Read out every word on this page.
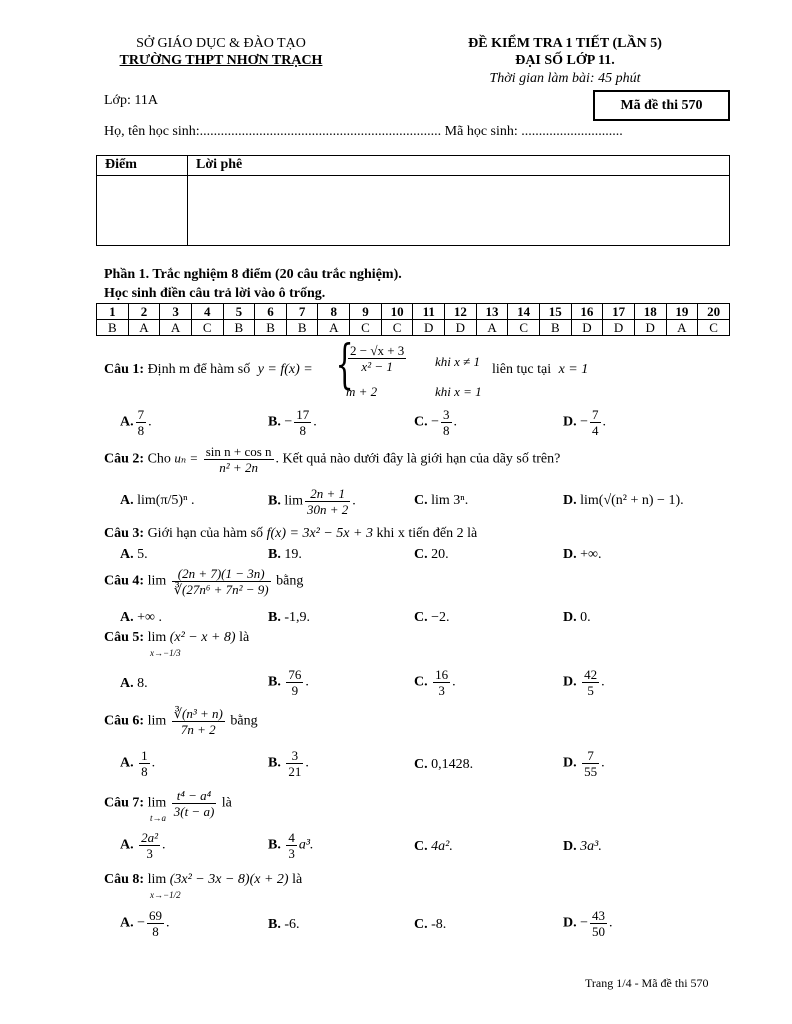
SỞ GIÁO DỤC & ĐÀO TẠO
TRƯỜNG THPT NHƠN TRẠCH
ĐỀ KIỂM TRA 1 TIẾT (LẦN 5)
ĐẠI SỐ LỚP 11.
Thời gian làm bài: 45 phút
Lớp: 11A	Mã đề thi 570
Họ, tên học sinh:..................................................................... Mã học sinh: .............................
Điểm	Lời phê

Phần 1. Trắc nghiệm 8 điểm (20 câu trắc nghiệm).
Học sinh điền câu trả lời vào ô trống.
1	2	3	4	5	6	7	8	9	10	11	12	13	14	15	16	17	18	19	20
B	A	A	C	B	B	B	A	C	C	D	D	A	C	B	D	D	D	A	C
Câu 1: Định m để hàm số y = f(x) = {
$\frac{2 - √x + 3}{\text{x² − 1}}$ khi x ≠ 1
m + 2	khi x = 1
liên tục tại x = 1
A. $\frac{7}{8}$ .	B. − $\frac{17}{8}$ .	C. − $\frac{3}{8}$ .	D. − $\frac{7}{4}$ .
Câu 2: Cho $u_n = \frac{\text{sin n + cos n}}{\text{n² + 2n}}$ . Kết quả nào dưới đây là giới hạn của dãy số trên?
A. lim(π/5)ⁿ .	B. $\lim \frac{2n + 1}{30n + 2}$ .	C. lim 3ⁿ.	D. lim(√(n² + n) − 1).
Câu 3: Giới hạn của hàm số f(x) = 3x² − 5x + 3 khi x tiến đến 2 là
A. 5.	B. 19.	C. 20.	D. +∞.
Câu 4: $\lim \frac{(2n + 7)(1 - 3n)}{\text{∛(27n⁶ + 7n² − 9)}}$ bằng
A. +∞ .	B. -1,9.	C. −2.	D. 0.
Câu 5: lim (x² − x + 8) là
x→−1/3
A. 8.	B. $\frac{76}{9}$ .	C. $\frac{16}{3}$ .	D. $\frac{42}{5}$ .
Câu 6: $\lim \frac{\text{∛(n³ + n)}}{7n + 2}$ bằng
A. $\frac{1}{8}$ .	B. $\frac{3}{21}$ .	C. 0,1428.	D. $\frac{7}{55}$ .
Câu 7: $\lim \frac{\text{t⁴ − a⁴}}{3(t - a)}$ là
t→a
A. $\frac{\text{2a²}}{3}$ .	B. $\frac{4}{3} a^3$.	C. 4a².	D. 3a³.
Câu 8: lim (3x² − 3x − 8)(x + 2) là
x→−1/2
A. − $\frac{69}{8}$ .	B. -6.	C. -8.	D. − $\frac{43}{50}$ .
Trang 1/4 - Mã đề thi 570
